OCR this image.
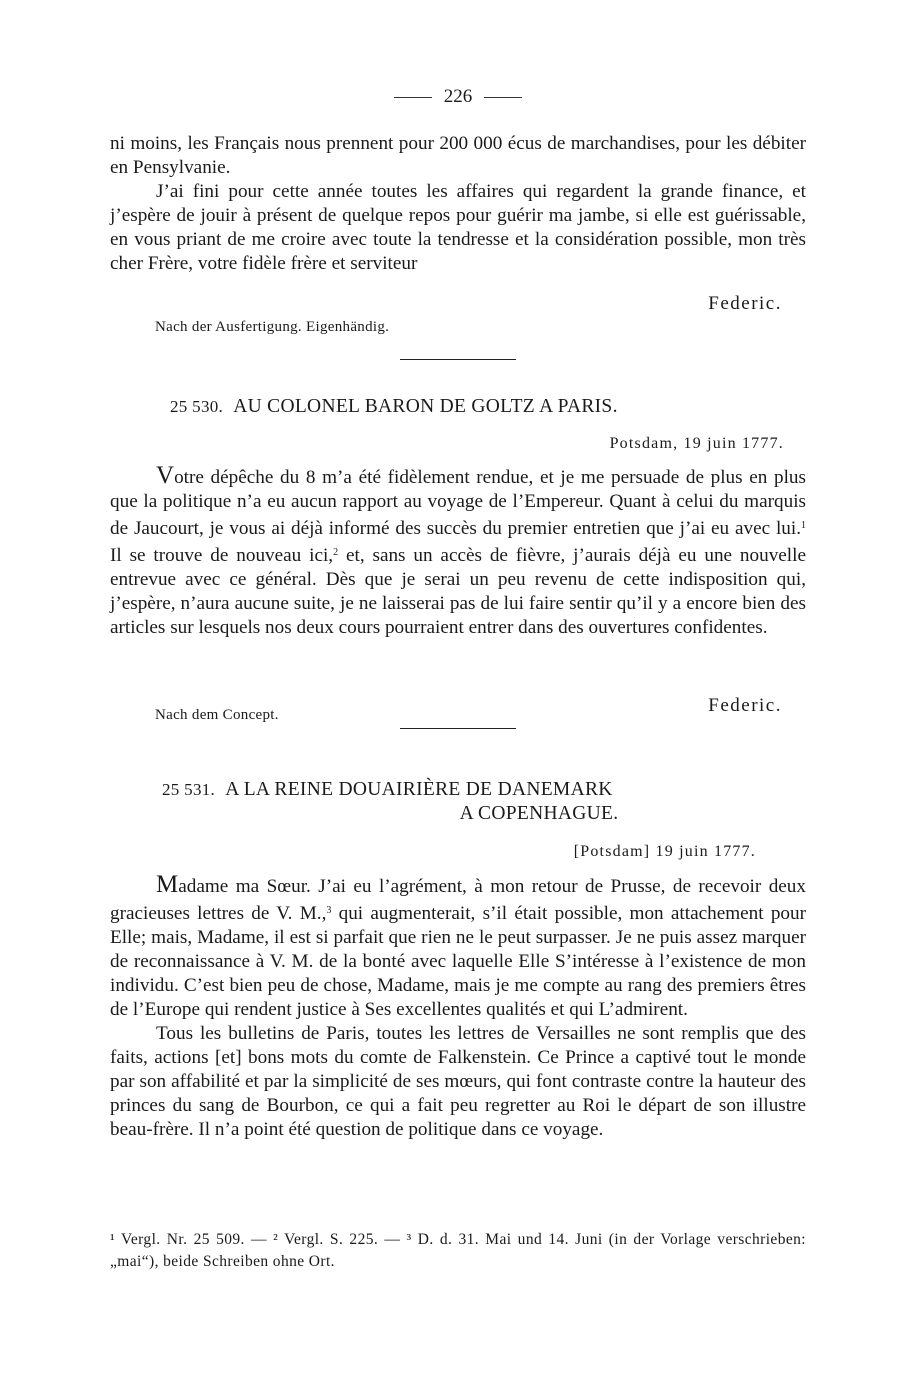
226

ni moins, les Français nous prennent pour 200 000 écus de marchandises, pour les débiter en Pensylvanie.

J’ai fini pour cette année toutes les affaires qui regardent la grande finance, et j’espère de jouir à présent de quelque repos pour guérir ma jambe, si elle est guérissable, en vous priant de me croire avec toute la tendresse et la considération possible, mon très cher Frère, votre fidèle frère et serviteur

Federic.
Nach der Ausfertigung. Eigenhändig.
25 530. AU COLONEL BARON DE GOLTZ A PARIS.
Potsdam, 19 juin 1777.

Votre dépêche du 8 m’a été fidèlement rendue, et je me persuade de plus en plus que la politique n’a eu aucun rapport au voyage de l’Empereur. Quant à celui du marquis de Jaucourt, je vous ai déjà informé des succès du premier entretien que j’ai eu avec lui.$^1$ Il se trouve de nouveau ici,$^2$ et, sans un accès de fièvre, j’aurais déjà eu une nouvelle entrevue avec ce général. Dès que je serai un peu revenu de cette indisposition qui, j’espère, n’aura aucune suite, je ne laisserai pas de lui faire sentir qu’il y a encore bien des articles sur lesquels nos deux cours pourraient entrer dans des ouvertures confidentes.

Federic.
Nach dem Concept.
25 531. A LA REINE DOUAIRIÈRE DE DANEMARK
A COPENHAGUE.
[Potsdam] 19 juin 1777.

Madame ma Sœur. J’ai eu l’agrément, à mon retour de Prusse, de recevoir deux gracieuses lettres de V. M.,$^3$ qui augmenterait, s’il était possible, mon attachement pour Elle; mais, Madame, il est si parfait que rien ne le peut surpasser. Je ne puis assez marquer de reconnaissance à V. M. de la bonté avec laquelle Elle S’intéresse à l’existence de mon individu. C’est bien peu de chose, Madame, mais je me compte au rang des premiers êtres de l’Europe qui rendent justice à Ses excellentes qualités et qui L’admirent.

Tous les bulletins de Paris, toutes les lettres de Versailles ne sont remplis que des faits, actions [et] bons mots du comte de Falkenstein. Ce Prince a captivé tout le monde par son affabilité et par la simplicité de ses mœurs, qui font contraste contre la hauteur des princes du sang de Bourbon, ce qui a fait peu regretter au Roi le départ de son illustre beau-frère. Il n’a point été question de politique dans ce voyage.

¹ Vergl. Nr. 25 509. — ² Vergl. S. 225. — ³ D. d. 31. Mai und 14. Juni (in der Vorlage verschrieben: „mai“), beide Schreiben ohne Ort.
